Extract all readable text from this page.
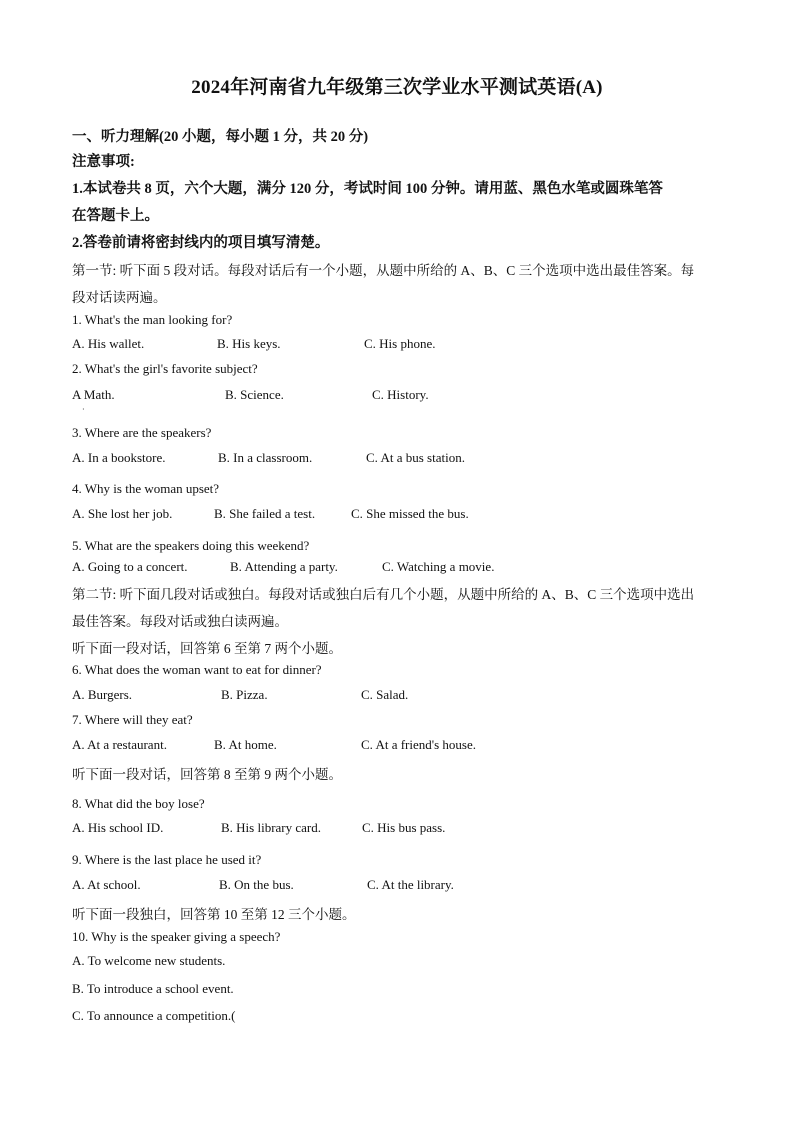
2024年河南省九年级第三次学业水平测试英语(A)
一、听力理解(20 小题，每小题 1 分，共 20 分)
注意事项:
1.本试卷共 8 页，六个大题，满分 120 分，考试时间 100 分钟。请用蓝、黑色水笔或圆珠笔答
在答题卡上。
2.答卷前请将密封线内的项目填写清楚。
第一节: 听下面 5 段对话。每段对话后有一个小题，从题中所给的 A、B、C 三个选项中选出最佳答案。每
段对话读两遍。
1. What's the man looking for?
A. His wallet.	B. His keys.	C. His phone.
2. What's the girl's favorite subject?
A Math.	B. Science.	C. History.
·
3. Where are the speakers?
A. In a bookstore.	B. In a classroom.	C. At a bus station.
4. Why is the woman upset?
A. She lost her job.	B. She failed a test.	C. She missed the bus.
5. What are the speakers doing this weekend?
A. Going to a concert.	B. Attending a party.	C. Watching a movie.
第二节: 听下面几段对话或独白。每段对话或独白后有几个小题，从题中所给的 A、B、C 三个选项中选出
最佳答案。每段对话或独白读两遍。
听下面一段对话，回答第 6 至第 7 两个小题。
6. What does the woman want to eat for dinner?
A. Burgers.	B. Pizza.	C. Salad.
7. Where will they eat?
A. At a restaurant.	B. At home.	C. At a friend's house.
听下面一段对话，回答第 8 至第 9 两个小题。
8. What did the boy lose?
A. His school ID.	B. His library card.	C. His bus pass.
9. Where is the last place he used it?
A. At school.	B. On the bus.	C. At the library.
听下面一段独白，回答第 10 至第 12 三个小题。
10. Why is the speaker giving a speech?
A. To welcome new students.
B. To introduce a school event.
C. To announce a competition.(
